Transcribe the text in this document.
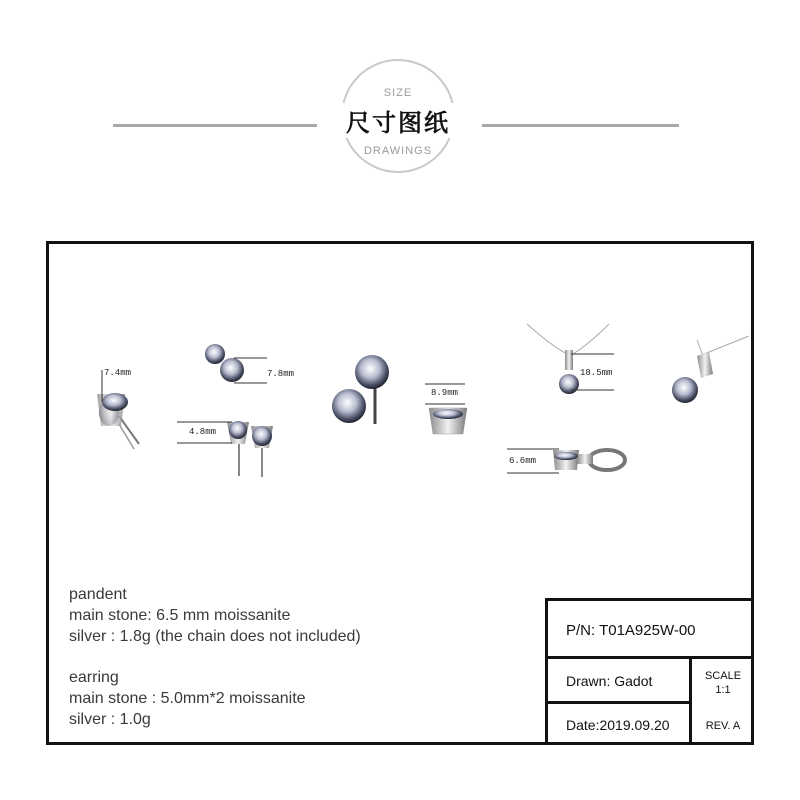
SIZE
尺寸图纸
DRAWINGS
7.4mm	7.8mm
4.8mm
8.9mm
18.5mm
6.6mm
pandent
main stone: 6.5 mm moissanite
silver : 1.8g (the chain does not included)
earring
main stone : 5.0mm*2 moissanite
silver : 1.0g
P/N: T01A925W-00
Drawn: Gadot
Date:2019.09.20
SCALE
1:1
REV. A
